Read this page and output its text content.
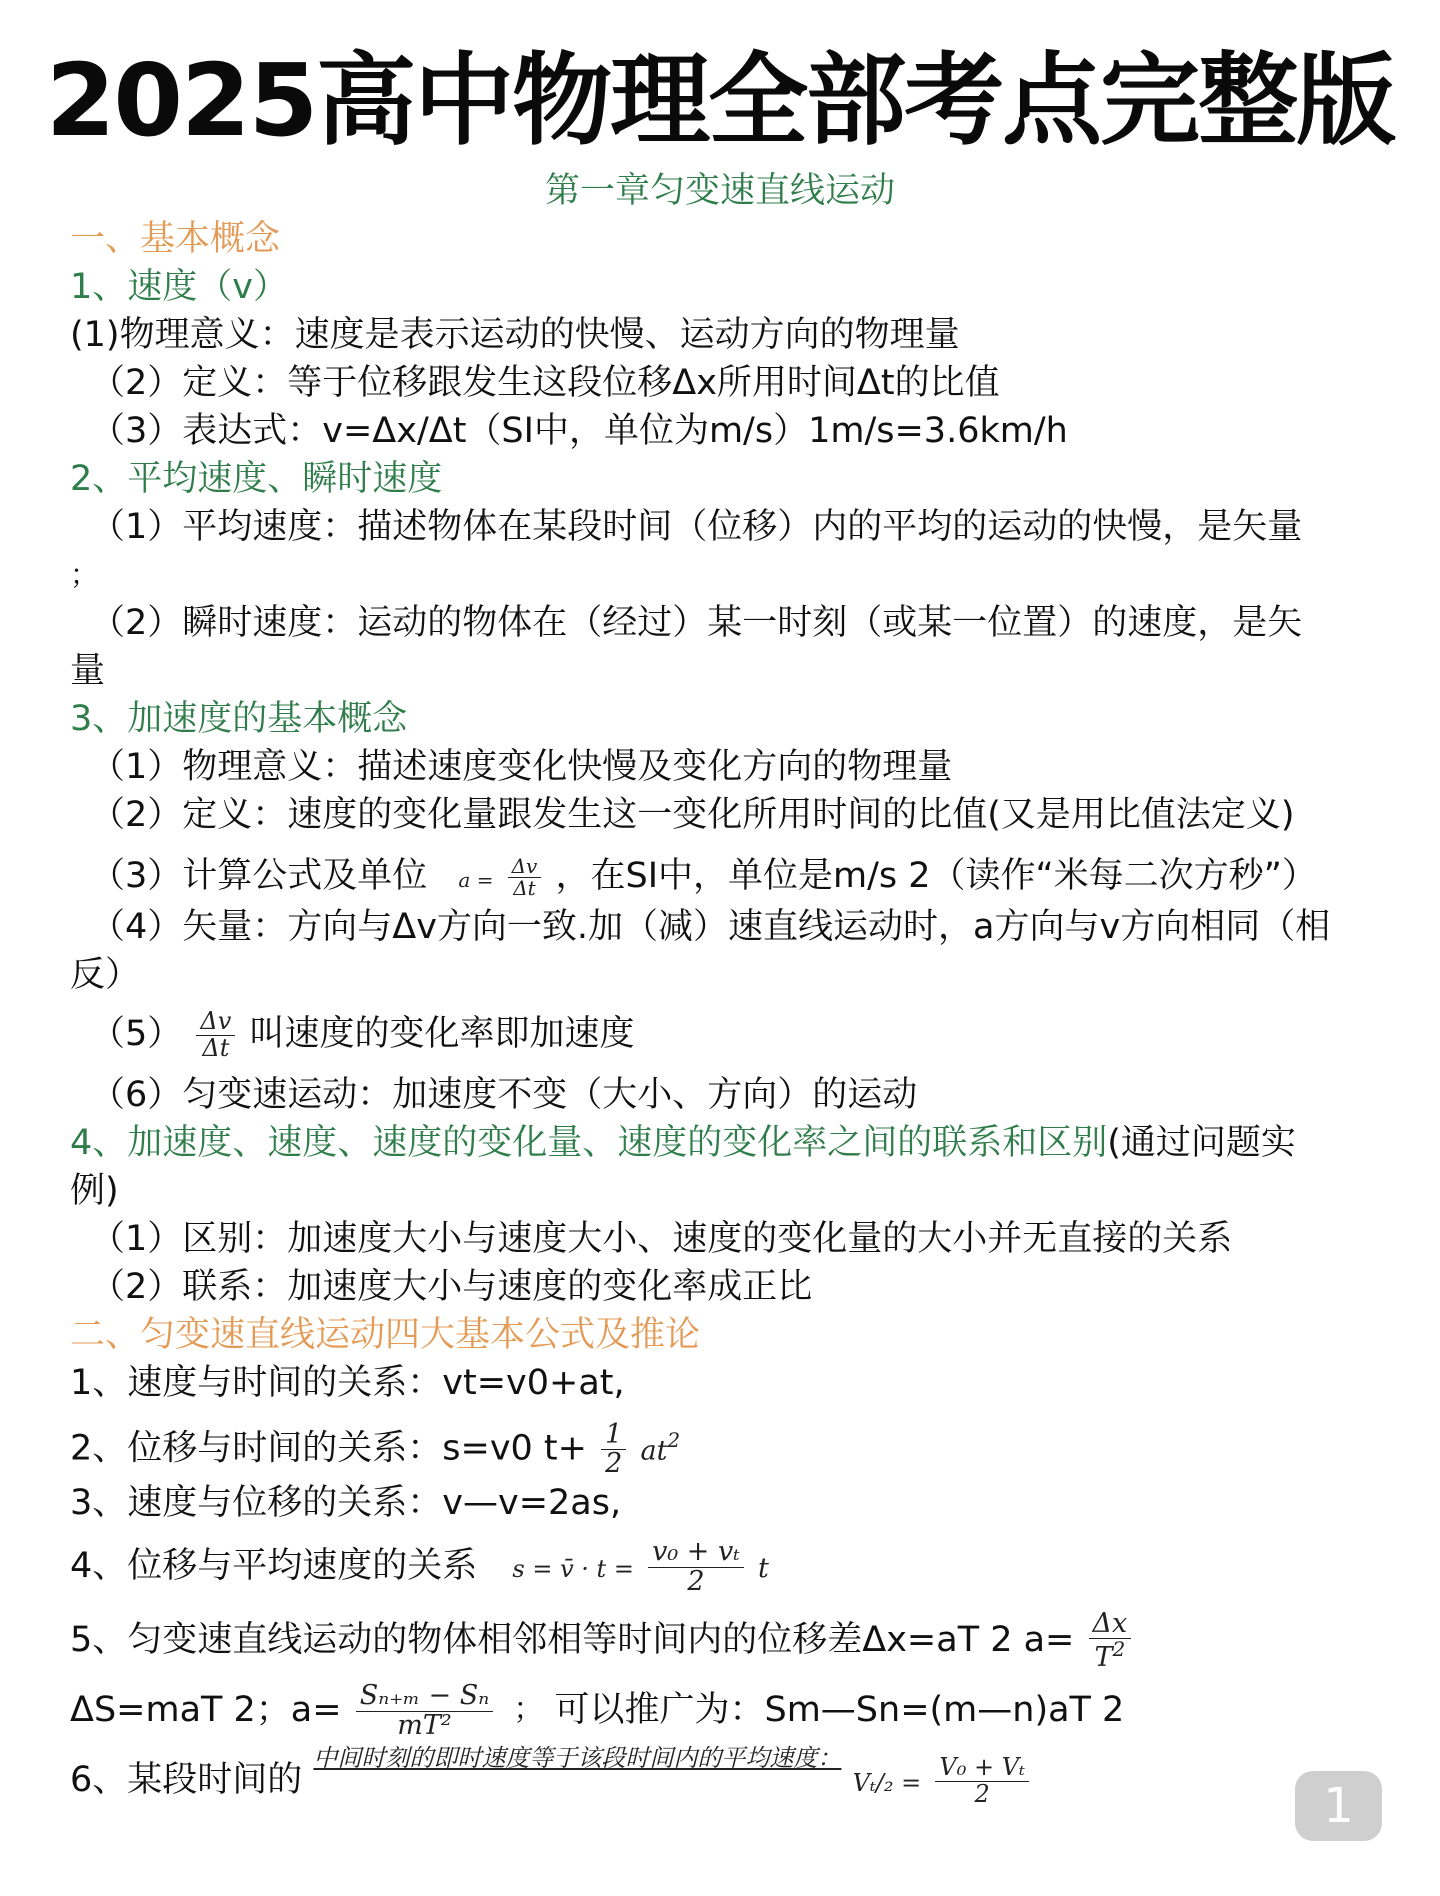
2025高中物理全部考点完整版
第一章匀变速直线运动
一、基本概念
1、速度（v）
(1)物理意义：速度是表示运动的快慢、运动方向的物理量
（2）定义：等于位移跟发生这段位移Δx所用时间Δt的比值
（3）表达式：v=Δx/Δt（SI中，单位为m/s）1m/s=3.6km/h
2、平均速度、瞬时速度
（1）平均速度：描述物体在某段时间（位移）内的平均的运动的快慢，是矢量
；
（2）瞬时速度：运动的物体在（经过）某一时刻（或某一位置）的速度，是矢
量
3、加速度的基本概念
（1）物理意义：描述速度变化快慢及变化方向的物理量
（2）定义：速度的变化量跟发生这一变化所用时间的比值(又是用比值法定义)
（3）计算公式及单位 $a = \frac{\Delta v}{\Delta t}$ ，在SI中，单位是m/s 2（读作“米每二次方秒”）
（4）矢量：方向与Δv方向一致.加（减）速直线运动时，a方向与v方向相同（相
反）
$(5) \frac{\Delta v}{\Delta t}$ 叫速度的变化率即加速度
（6）匀变速运动：加速度不变（大小、方向）的运动
4、加速度、速度、速度的变化量、速度的变化率之间的联系和区别(通过问题实
例)
（1）区别：加速度大小与速度大小、速度的变化量的大小并无直接的关系
（2）联系：加速度大小与速度的变化率成正比
二、匀变速直线运动四大基本公式及推论
1、速度与时间的关系：vt=v0+at,
2、位移与时间的关系：s=v0 $t+ \frac{1}{2} at^2$
3、速度与位移的关系：v—v=2as,
4、位移与平均速度的关系 s = v̄ · $t = \frac{\text{v₀ + vₜ}}{2}$ t
5、匀变速直线运动的物体相邻相等时间内的位移差Δx=aT 2 $a= \frac{\Delta x}{T^2}$
ΔS=maT 2；$a= \frac{\text{Sₙ₊ₘ − Sₙ}}{\text{mT²}}$ ； 可以推广为：Sm—Sn=(m—n)aT 2
6、某段时间的 $^{中间时刻的即时速度等于该段时间内的平均速度:}$ $V_t/_2 = \frac{\text{V₀ + Vₜ}}{2}$	1
